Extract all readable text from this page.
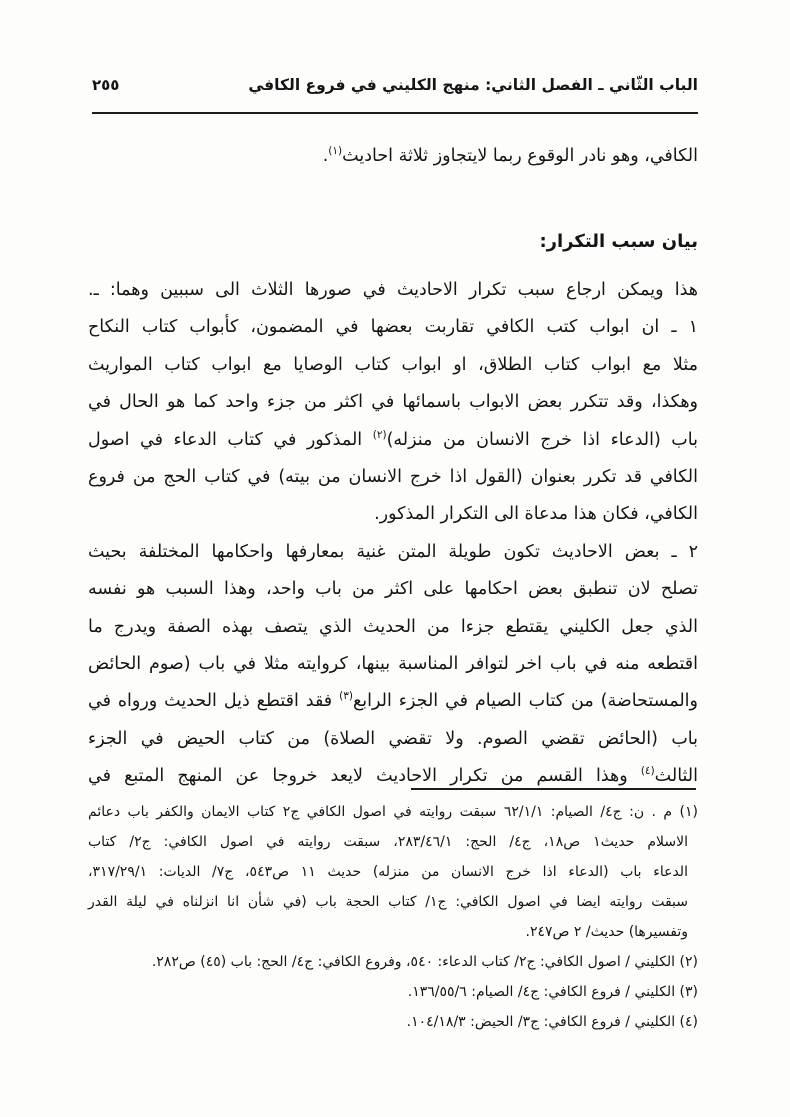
الباب الثّاني ـ الفصل الثاني: منهج الكليني في فروع الكافي
٢٥٥

الكافي، وهو نادر الوقوع ربما لايتجاوز ثلاثة احاديث$^{(١)}$.

بيان سبب التكرار:

هذا ويمكن ارجاع سبب تكرار الاحاديث في صورها الثلاث الى سببين وهما: ـ.

١ ـ ان ابواب كتب الكافي تقاربت بعضها في المضمون، كأبواب كتاب النكاح

مثلا مع ابواب كتاب الطلاق، او ابواب كتاب الوصايا مع ابواب كتاب المواريث

وهكذا، وقد تتكرر بعض الابواب باسمائها في اكثر من جزء واحد كما هو الحال في

باب (الدعاء اذا خرج الانسان من منزله)$^{(٢)}$ المذكور في كتاب الدعاء في اصول

الكافي قد تكرر بعنوان (القول اذا خرج الانسان من بيته) في كتاب الحج من فروع

الكافي، فكان هذا مدعاة الى التكرار المذكور.

٢ ـ بعض الاحاديث تكون طويلة المتن غنية بمعارفها واحكامها المختلفة بحيث

تصلح لان تنطبق بعض احكامها على اكثر من باب واحد، وهذا السبب هو نفسه

الذي جعل الكليني يقتطع جزءا من الحديث الذي يتصف بهذه الصفة ويدرج ما

اقتطعه منه في باب اخر لتوافر المناسبة بينها، كروايته مثلا في باب (صوم الحائض

والمستحاضة) من كتاب الصيام في الجزء الرابع$^{(٣)}$ فقد اقتطع ذيل الحديث ورواه في

باب (الحائض تقضي الصوم. ولا تقضي الصلاة) من كتاب الحيض في الجزء

الثالث$^{(٤)}$ وهذا القسم من تكرار الاحاديث لايعد خروجا عن المنهج المتبع في

(١) م . ن: ج٤/ الصيام: ٦٢/١/١ سبقت روايته في اصول الكافي ج٢ كتاب الايمان والكفر باب دعائم

الاسلام حديث١ ص١٨، ج٤/ الحج: ٢٨٣/٤٦/١، سبقت روايته في اصول الكافي: ج٢/ كتاب

الدعاء باب (الدعاء اذا خرج الانسان من منزله) حديث ١١ ص٥٤٣، ج٧/ الديات: ٣١٧/٢٩/١،

سبقت روايته ايضا في اصول الكافي: ج١/ كتاب الحجة باب (في شأن انا انزلناه في ليلة القدر

وتفسيرها) حديث/ ٢ ص٢٤٧.

(٢) الكليني / اصول الكافي: ج٢/ كتاب الدعاء: ٥٤٠، وفروع الكافي: ج٤/ الحج: باب (٤٥) ص٢٨٢.

(٣) الكليني / فروع الكافي: ج٤/ الصيام: ١٣٦/٥٥/٦.

(٤) الكليني / فروع الكافي: ج٣/ الحيض: ١٠٤/١٨/٣.
